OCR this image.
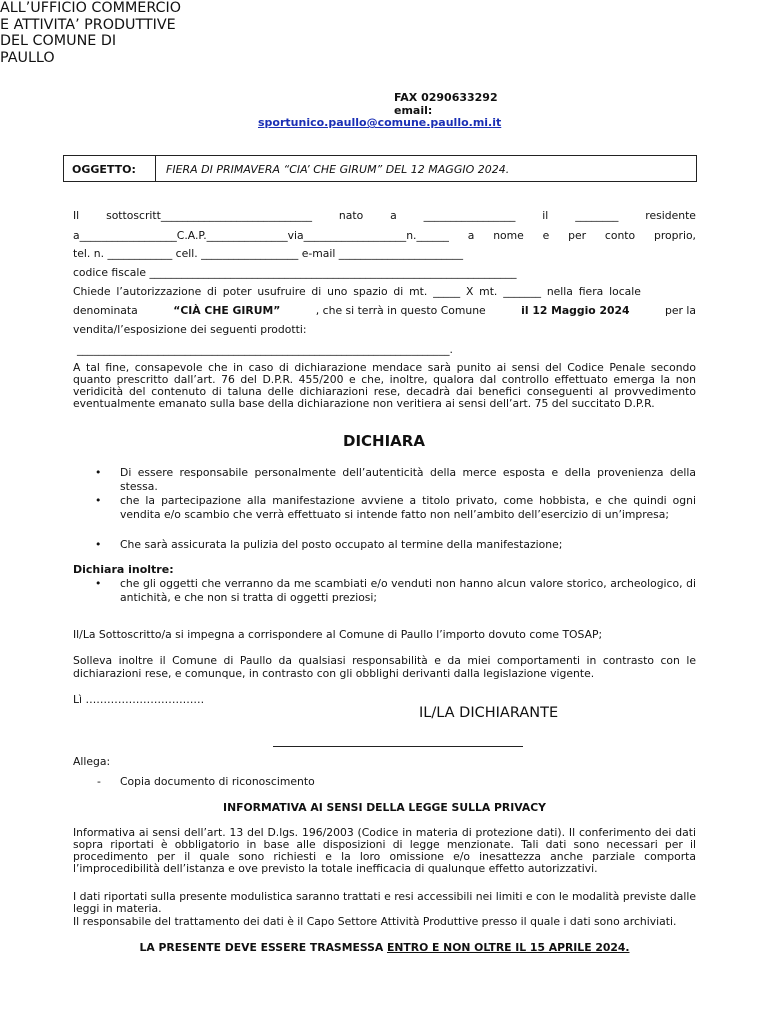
ALL’UFFICIO COMMERCIO
E ATTIVITA’ PRODUTTIVE
DEL COMUNE DI
PAULLO
FAX 0290633292
email:
sportunico.paullo@comune.paullo.mi.it
OGGETTO:	FIERA DI PRIMAVERA “CIA’ CHE GIRUM” DEL 12 MAGGIO 2024.
Il sottoscritt____________________________ nato a _________________ il ________ residente
a__________________C.A.P._______________via___________________n.______ a nome e per conto proprio,
tel. n. ____________ cell. __________________ e-mail _______________________
codice fiscale ____________________________________________________________________
Chiede l’autorizzazione di poter usufruire di uno spazio di mt. _____ X mt. _______ nella fiera locale
denominata	“CIÀ CHE GIRUM”	, che si terrà in questo Comune	il 12 Maggio 2024	per la
vendita/l’esposizione dei seguenti prodotti:
_____________________________________________________________________.
A tal fine, consapevole che in caso di dichiarazione mendace sarà punito ai sensi del Codice Penale secondo quanto prescritto dall’art. 76 del D.P.R. 455/200 e che, inoltre, qualora dal controllo effettuato emerga la non veridicità del contenuto di taluna delle dichiarazioni rese, decadrà dai benefici conseguenti al provvedimento eventualmente emanato sulla base della dichiarazione non veritiera ai sensi dell’art. 75 del succitato D.P.R.
DICHIARA
• Di essere responsabile personalmente dell’autenticità della merce esposta e della provenienza della stessa.
• che la partecipazione alla manifestazione avviene a titolo privato, come hobbista, e che quindi ogni vendita e/o scambio che verrà effettuato si intende fatto non nell’ambito dell’esercizio di un’impresa;
• Che sarà assicurata la pulizia del posto occupato al termine della manifestazione;
Dichiara inoltre:
• che gli oggetti che verranno da me scambiati e/o venduti non hanno alcun valore storico, archeologico, di antichità, e che non si tratta di oggetti preziosi;
Il/La Sottoscritto/a si impegna a corrispondere al Comune di Paullo l’importo dovuto come TOSAP;
Solleva inoltre il Comune di Paullo da qualsiasi responsabilità e da miei comportamenti in contrasto con le dichiarazioni rese, e comunque, in contrasto con gli obblighi derivanti dalla legislazione vigente.
Lì ……………………………
IL/LA DICHIARANTE
Allega:
- Copia documento di riconoscimento
INFORMATIVA AI SENSI DELLA LEGGE SULLA PRIVACY
Informativa ai sensi dell’art. 13 del D.lgs. 196/2003 (Codice in materia di protezione dati). Il conferimento dei dati sopra riportati è obbligatorio in base alle disposizioni di legge menzionate. Tali dati sono necessari per il procedimento per il quale sono richiesti e la loro omissione e/o inesattezza anche parziale comporta l’improcedibilità dell’istanza e ove previsto la totale inefficacia di qualunque effetto autorizzativi.
I dati riportati sulla presente modulistica saranno trattati e resi accessibili nei limiti e con le modalità previste dalle leggi in materia.
Il responsabile del trattamento dei dati è il Capo Settore Attività Produttive presso il quale i dati sono archiviati.
LA PRESENTE DEVE ESSERE TRASMESSA ENTRO E NON OLTRE IL 15 APRILE 2024.
